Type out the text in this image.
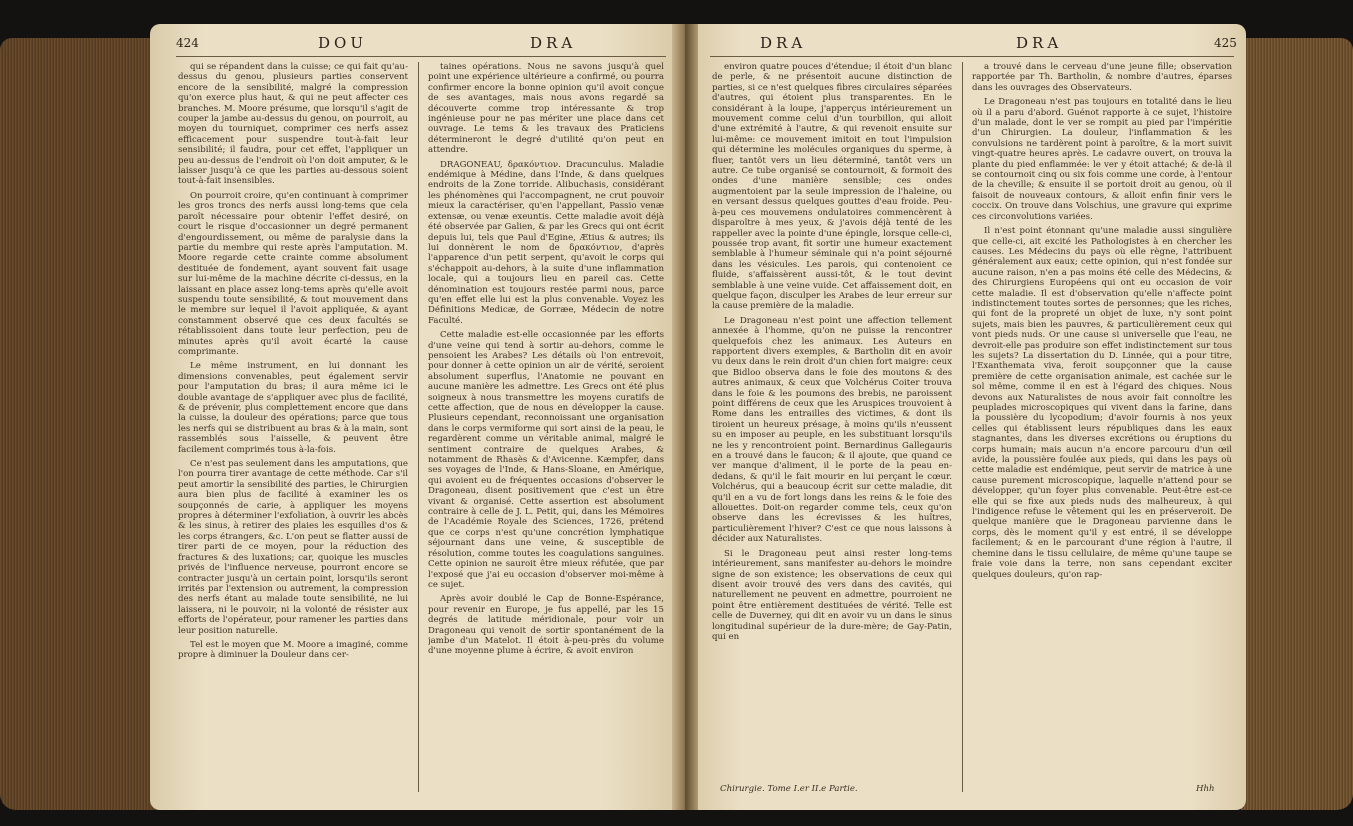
424	DOU	DRA

qui se répandent dans la cuisse; ce qui fait qu'au-dessus du genou, plusieurs parties conservent encore de la sensibilité, malgré la compression qu'on exerce plus haut, & qui ne peut affecter ces branches. M. Moore présume, que lorsqu'il s'agit de couper la jambe au-dessus du genou, on pourroit, au moyen du tourniquet, comprimer ces nerfs assez efficacement pour suspendre tout-à-fait leur sensibilité; il faudra, pour cet effet, l'appliquer un peu au-dessus de l'endroit où l'on doit amputer, & le laisser jusqu'à ce que les parties au-dessous soient tout-à-fait insensibles.

On pourroit croire, qu'en continuant à comprimer les gros troncs des nerfs aussi long-tems que cela paroît nécessaire pour obtenir l'effet desiré, on court le risque d'occasionner un degré permanent d'engourdissement, ou même de paralysie dans la partie du membre qui reste après l'amputation. M. Moore regarde cette crainte comme absolument destituée de fondement, ayant souvent fait usage sur lui-même de la machine décrite ci-dessus, en la laissant en place assez long-tems après qu'elle avoit suspendu toute sensibilité, & tout mouvement dans le membre sur lequel il l'avoit appliquée, & ayant constamment observé que ces deux facultés se rétablissoient dans toute leur perfection, peu de minutes après qu'il avoit écarté la cause comprimante.

Le même instrument, en lui donnant les dimensions convenables, peut également servir pour l'amputation du bras; il aura même ici le double avantage de s'appliquer avec plus de facilité, & de prévenir, plus complettement encore que dans la cuisse, la douleur des opérations; parce que tous les nerfs qui se distribuent au bras & à la main, sont rassemblés sous l'aisselle, & peuvent être facilement comprimés tous à-la-fois.

Ce n'est pas seulement dans les amputations, que l'on pourra tirer avantage de cette méthode. Car s'il peut amortir la sensibilité des parties, le Chirurgien aura bien plus de facilité à examiner les os soupçonnés de carie, à appliquer les moyens propres à déterminer l'exfoliation, à ouvrir les abcès & les sinus, à retirer des plaies les esquilles d'os & les corps étrangers, &c. L'on peut se flatter aussi de tirer parti de ce moyen, pour la réduction des fractures & des luxations; car, quoique les muscles privés de l'influence nerveuse, pourront encore se contracter jusqu'à un certain point, lorsqu'ils seront irrités par l'extension ou autrement, la compression des nerfs étant au malade toute sensibilité, ne lui laissera, ni le pouvoir, ni la volonté de résister aux efforts de l'opérateur, pour ramener les parties dans leur position naturelle.

Tel est le moyen que M. Moore a imaginé, comme propre à diminuer la Douleur dans cer-

taines opérations. Nous ne savons jusqu'à quel point une expérience ultérieure a confirmé, ou pourra confirmer encore la bonne opinion qu'il avoit conçue de ses avantages, mais nous avons regardé sa découverte comme trop intéressante & trop ingénieuse pour ne pas mériter une place dans cet ouvrage. Le tems & les travaux des Praticiens détermineront le degré d'utilité qu'on peut en attendre.

DRAGONEAU, δρακόντιον. Dracunculus. Maladie endémique à Médine, dans l'Inde, & dans quelques endroits de la Zone torride. Alibuchasis, considérant les phénomènes qui l'accompagnent, ne crut pouvoir mieux la caractériser, qu'en l'appellant, Passio venæ extensæ, ou venæ exeuntis. Cette maladie avoit déjà été observée par Galien, & par les Grecs qui ont écrit depuis lui, tels que Paul d'Egine, Ætius & autres; ils lui donnèrent le nom de δρακόντιον, d'après l'apparence d'un petit serpent, qu'avoit le corps qui s'échappoit au-dehors, à la suite d'une inflammation locale, qui a toujours lieu en pareil cas. Cette dénomination est toujours restée parmi nous, parce qu'en effet elle lui est la plus convenable. Voyez les Définitions Medicæ, de Gorræe, Médecin de notre Faculté.

Cette maladie est-elle occasionnée par les efforts d'une veine qui tend à sortir au-dehors, comme le pensoient les Arabes? Les détails où l'on entrevoit, pour donner à cette opinion un air de vérité, seroient absolument superflus, l'Anatomie ne pouvant en aucune manière les admettre. Les Grecs ont été plus soigneux à nous transmettre les moyens curatifs de cette affection, que de nous en développer la cause. Plusieurs cependant, reconnoissant une organisation dans le corps vermiforme qui sort ainsi de la peau, le regardèrent comme un véritable animal, malgré le sentiment contraire de quelques Arabes, & notamment de Rhasès & d'Avicenne. Kæmpfer, dans ses voyages de l'Inde, & Hans-Sloane, en Amérique, qui avoient eu de fréquentes occasions d'observer le Dragoneau, disent positivement que c'est un être vivant & organisé. Cette assertion est absolument contraire à celle de J. L. Petit, qui, dans les Mémoires de l'Académie Royale des Sciences, 1726, prétend que ce corps n'est qu'une concrétion lymphatique séjournant dans une veine, & susceptible de résolution, comme toutes les coagulations sanguines. Cette opinion ne sauroit être mieux réfutée, que par l'exposé que j'ai eu occasion d'observer moi-même à ce sujet.

Après avoir doublé le Cap de Bonne-Espérance, pour revenir en Europe, je fus appellé, par les 15 degrés de latitude méridionale, pour voir un Dragoneau qui venoit de sortir spontanément de la jambe d'un Matelot. Il étoit à-peu-près du volume d'une moyenne plume à écrire, & avoit environ

DRA	DRA	425

environ quatre pouces d'étendue; il étoit d'un blanc de perle, & ne présentoit aucune distinction de parties, si ce n'est quelques fibres circulaires séparées d'autres, qui étoient plus transparentes. En le considérant à la loupe, j'apperçus intérieurement un mouvement comme celui d'un tourbillon, qui alloit d'une extrémité à l'autre, & qui revenoit ensuite sur lui-même: ce mouvement imitoit en tout l'impulsion qui détermine les molécules organiques du sperme, à fluer, tantôt vers un lieu déterminé, tantôt vers un autre. Ce tube organisé se contournoit, & formoit des ondes d'une manière sensible; ces ondes augmentoient par la seule impression de l'haleine, ou en versant dessus quelques gouttes d'eau froide. Peu-à-peu ces mouvemens ondulatoires commencèrent à disparoître à mes yeux, & j'avois déjà tenté de les rappeller avec la pointe d'une épingle, lorsque celle-ci, poussée trop avant, fit sortir une humeur exactement semblable à l'humeur séminale qui n'a point séjourné dans les vésicules. Les parois, qui contenoient ce fluide, s'affaissèrent aussi-tôt, & le tout devint semblable à une veine vuide. Cet affaissement doit, en quelque façon, disculper les Arabes de leur erreur sur la cause première de la maladie.

Le Dragoneau n'est point une affection tellement annexée à l'homme, qu'on ne puisse la rencontrer quelquefois chez les animaux. Les Auteurs en rapportent divers exemples, & Bartholin dit en avoir vu deux dans le rein droit d'un chien fort maigre: ceux que Bidloo observa dans le foie des moutons & des autres animaux, & ceux que Volchérus Coiter trouva dans le foie & les poumons des brebis, ne paroissent point différens de ceux que les Aruspices trouvoient à Rome dans les entrailles des victimes, & dont ils tiroient un heureux présage, à moins qu'ils n'eussent su en imposer au peuple, en les substituant lorsqu'ils ne les y rencontroient point. Bernardinus Gallegauris en a trouvé dans le faucon; & il ajoute, que quand ce ver manque d'aliment, il le porte de la peau en-dedans, & qu'il le fait mourir en lui perçant le cœur. Volchérus, qui a beaucoup écrit sur cette maladie, dit qu'il en a vu de fort longs dans les reins & le foie des allouettes. Doit-on regarder comme tels, ceux qu'on observe dans les écrevisses & les huîtres, particulièrement l'hiver? C'est ce que nous laissons à décider aux Naturalistes.

Si le Dragoneau peut ainsi rester long-tems intérieurement, sans manifester au-dehors le moindre signe de son existence; les observations de ceux qui disent avoir trouvé des vers dans des cavités, qui naturellement ne peuvent en admettre, pourroient ne point être entièrement destituées de vérité. Telle est celle de Duverney, qui dit en avoir vu un dans le sinus longitudinal supérieur de la dure-mère; de Gay-Patin, qui en

a trouvé dans le cerveau d'une jeune fille; observation rapportée par Th. Bartholin, & nombre d'autres, éparses dans les ouvrages des Observateurs.

Le Dragoneau n'est pas toujours en totalité dans le lieu où il a paru d'abord. Guénot rapporte à ce sujet, l'histoire d'un malade, dont le ver se rompit au pied par l'impéritie d'un Chirurgien. La douleur, l'inflammation & les convulsions ne tardèrent point à paroître, & la mort suivit vingt-quatre heures après. Le cadavre ouvert, on trouva la plante du pied enflammée: le ver y étoit attaché; & de-là il se contournoit cinq ou six fois comme une corde, à l'entour de la cheville; & ensuite il se portoit droit au genou, où il faisoit de nouveaux contours, & alloit enfin finir vers le coccix. On trouve dans Volschius, une gravure qui exprime ces circonvolutions variées.

Il n'est point étonnant qu'une maladie aussi singulière que celle-ci, ait excité les Pathologistes à en chercher les causes. Les Médecins du pays où elle règne, l'attribuent généralement aux eaux; cette opinion, qui n'est fondée sur aucune raison, n'en a pas moins été celle des Médecins, & des Chirurgiens Européens qui ont eu occasion de voir cette maladie. Il est d'observation qu'elle n'affecte point indistinctement toutes sortes de personnes; que les riches, qui font de la propreté un objet de luxe, n'y sont point sujets, mais bien les pauvres, & particulièrement ceux qui vont pieds nuds. Or une cause si universelle que l'eau, ne devroit-elle pas produire son effet indistinctement sur tous les sujets? La dissertation du D. Linnée, qui a pour titre, l'Exanthemata viva, feroit soupçonner que la cause première de cette organisation animale, est cachée sur le sol même, comme il en est à l'égard des chiques. Nous devons aux Naturalistes de nous avoir fait connoître les peuplades microscopiques qui vivent dans la farine, dans la poussière du lycopodium; d'avoir fournis à nos yeux celles qui établissent leurs républiques dans les eaux stagnantes, dans les diverses excrétions ou éruptions du corps humain; mais aucun n'a encore parcouru d'un œil avide, la poussière foulée aux pieds, qui dans les pays où cette maladie est endémique, peut servir de matrice à une cause purement microscopique, laquelle n'attend pour se développer, qu'un foyer plus convenable. Peut-être est-ce elle qui se fixe aux pieds nuds des malheureux, à qui l'indigence refuse le vêtement qui les en préserveroit. De quelque manière que le Dragoneau parvienne dans le corps, dès le moment qu'il y est entré, il se développe facilement; & en le parcourant d'une région à l'autre, il chemine dans le tissu cellulaire, de même qu'une taupe se fraie voie dans la terre, non sans cependant exciter quelques douleurs, qu'on rap-

Chirurgie. Tome I.er II.e Partie.	Hhh
